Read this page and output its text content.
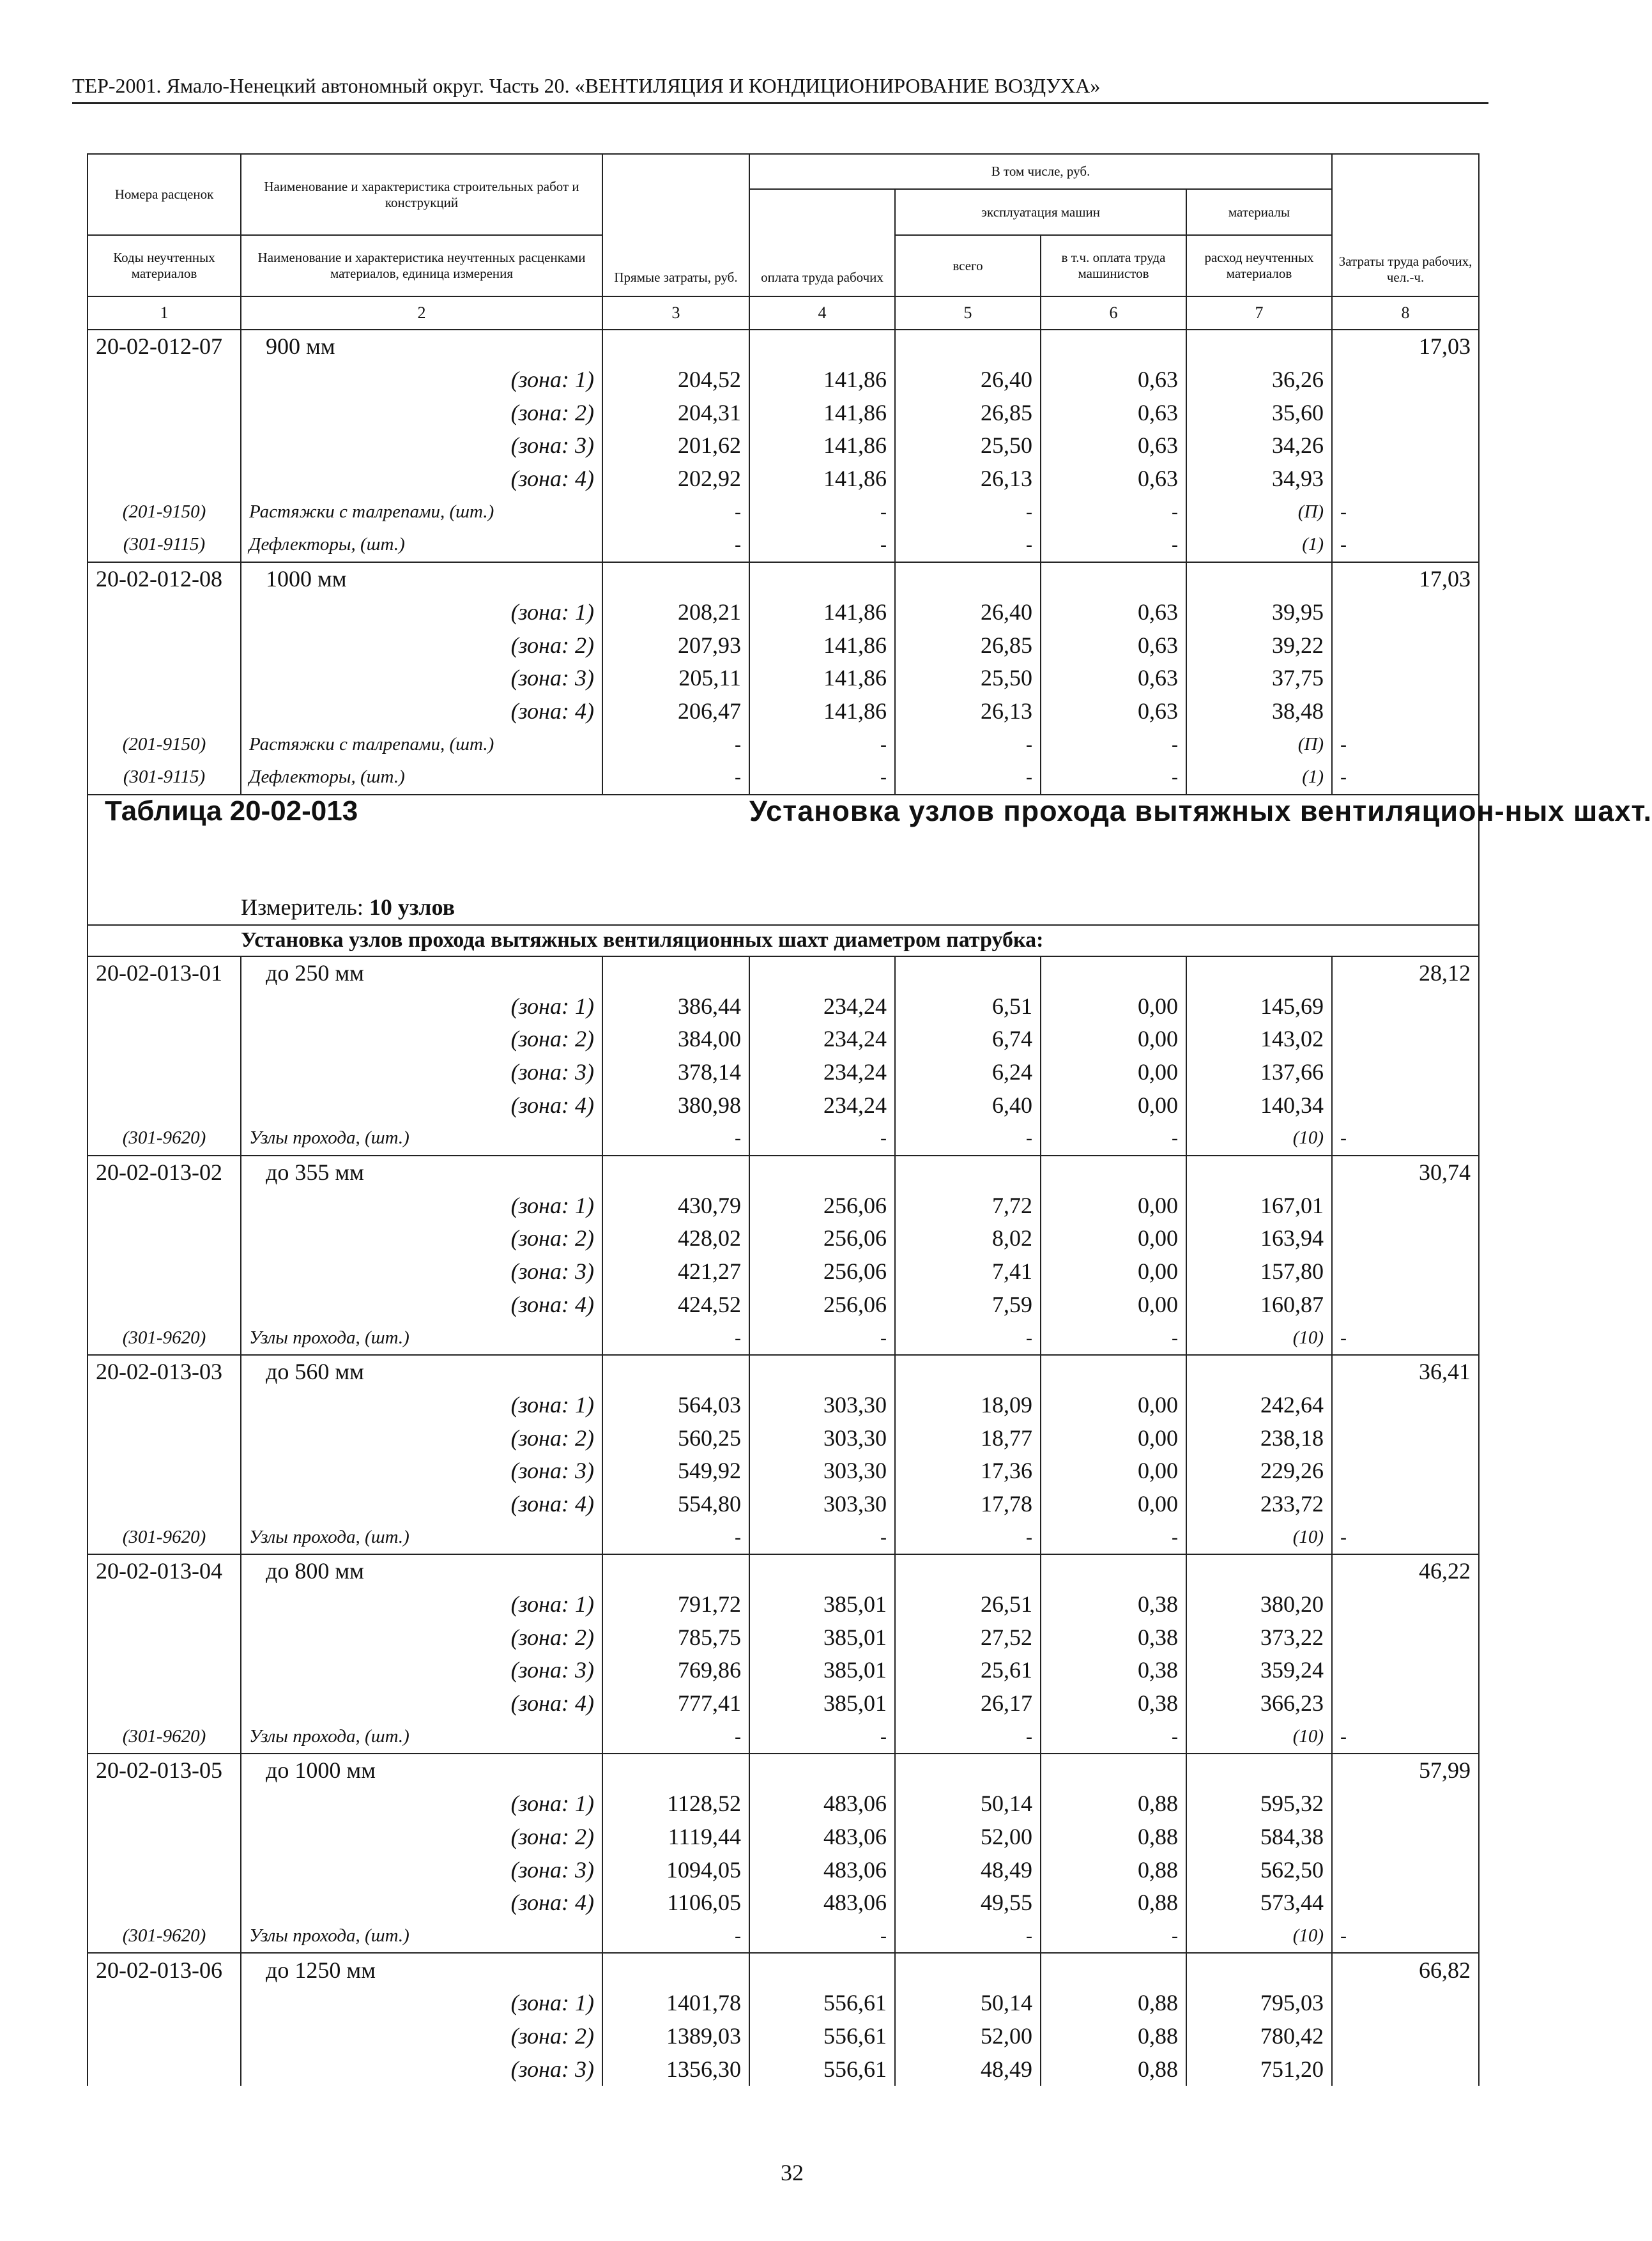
ТЕР-2001. Ямало-Ненецкий автономный округ. Часть 20. «ВЕНТИЛЯЦИЯ И КОНДИЦИОНИРОВАНИЕ ВОЗДУХА»
Номера расценок	Наименование и характеристика строительных работ и конструкций	Прямые затраты, руб.	В том числе, руб.				Затраты труда рабочих, чел.-ч.
			оплата труда рабочих	эксплуатация машин		материалы	
Коды неучтенных материалов	Наименование и характеристика неучтенных расценками материалов, единица измерения			всего	в т.ч. оплата труда машинистов	расход неучтенных материалов	

1	2	3	4	5	6	7	8
20-02-012-07	900 мм						17,03
	(зона: 1)	204,52	141,86	26,40	0,63	36,26	
	(зона: 2)	204,31	141,86	26,85	0,63	35,60	
	(зона: 3)	201,62	141,86	25,50	0,63	34,26	
	(зона: 4)	202,92	141,86	26,13	0,63	34,93	
(201-9150)	Растяжки с талрепами, (шт.)	-	-	-	-	(П)	-
(301-9115)	Дефлекторы, (шт.)	-	-	-	-	(1)	-
20-02-012-08	1000 мм						17,03
	(зона: 1)	208,21	141,86	26,40	0,63	39,95	
	(зона: 2)	207,93	141,86	26,85	0,63	39,22	
	(зона: 3)	205,11	141,86	25,50	0,63	37,75	
	(зона: 4)	206,47	141,86	26,13	0,63	38,48	
(201-9150)	Растяжки с талрепами, (шт.)	-	-	-	-	(П)	-
(301-9115)	Дефлекторы, (шт.)	-	-	-	-	(1)	-
Таблица 20-02-013			Установка узлов прохода вытяжных вентиляцион-ных шахт.				
	Измеритель: 10 узлов						
	Установка узлов прохода вытяжных вентиляционных шахт диаметром патрубка:						
20-02-013-01	до 250 мм						28,12
	(зона: 1)	386,44	234,24	6,51	0,00	145,69	
	(зона: 2)	384,00	234,24	6,74	0,00	143,02	
	(зона: 3)	378,14	234,24	6,24	0,00	137,66	
	(зона: 4)	380,98	234,24	6,40	0,00	140,34	
(301-9620)	Узлы прохода, (шт.)	-	-	-	-	(10)	-
20-02-013-02	до 355 мм						30,74
	(зона: 1)	430,79	256,06	7,72	0,00	167,01	
	(зона: 2)	428,02	256,06	8,02	0,00	163,94	
	(зона: 3)	421,27	256,06	7,41	0,00	157,80	
	(зона: 4)	424,52	256,06	7,59	0,00	160,87	
(301-9620)	Узлы прохода, (шт.)	-	-	-	-	(10)	-
20-02-013-03	до 560 мм						36,41
	(зона: 1)	564,03	303,30	18,09	0,00	242,64	
	(зона: 2)	560,25	303,30	18,77	0,00	238,18	
	(зона: 3)	549,92	303,30	17,36	0,00	229,26	
	(зона: 4)	554,80	303,30	17,78	0,00	233,72	
(301-9620)	Узлы прохода, (шт.)	-	-	-	-	(10)	-
20-02-013-04	до 800 мм						46,22
	(зона: 1)	791,72	385,01	26,51	0,38	380,20	
	(зона: 2)	785,75	385,01	27,52	0,38	373,22	
	(зона: 3)	769,86	385,01	25,61	0,38	359,24	
	(зона: 4)	777,41	385,01	26,17	0,38	366,23	
(301-9620)	Узлы прохода, (шт.)	-	-	-	-	(10)	-
20-02-013-05	до 1000 мм						57,99
	(зона: 1)	1128,52	483,06	50,14	0,88	595,32	
	(зона: 2)	1119,44	483,06	52,00	0,88	584,38	
	(зона: 3)	1094,05	483,06	48,49	0,88	562,50	
	(зона: 4)	1106,05	483,06	49,55	0,88	573,44	
(301-9620)	Узлы прохода, (шт.)	-	-	-	-	(10)	-
20-02-013-06	до 1250 мм						66,82
	(зона: 1)	1401,78	556,61	50,14	0,88	795,03	
	(зона: 2)	1389,03	556,61	52,00	0,88	780,42	
	(зона: 3)	1356,30	556,61	48,49	0,88	751,20	
32
